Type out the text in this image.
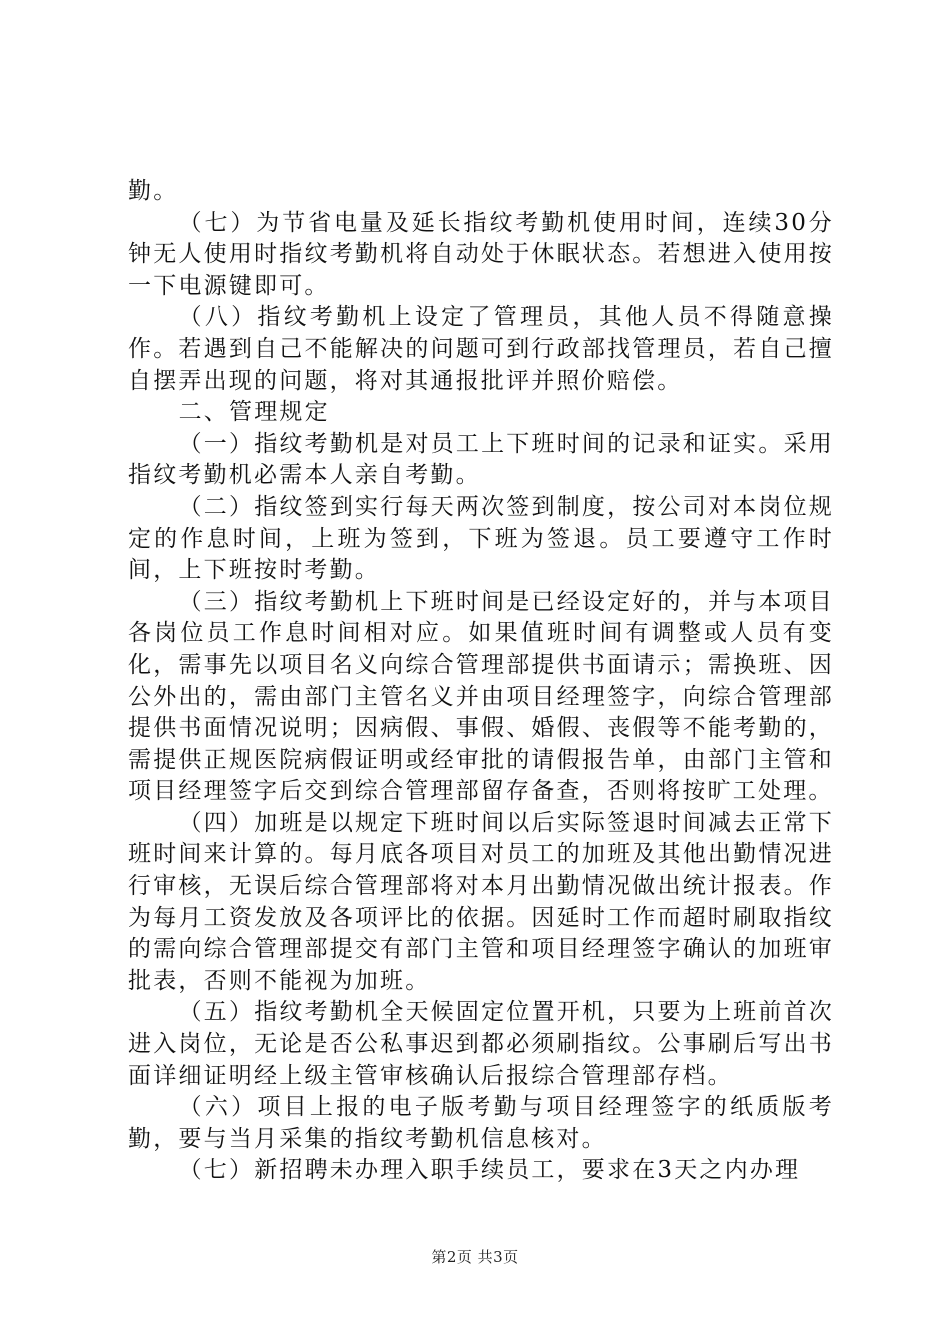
勤。

（七）为节省电量及延长指纹考勤机使用时间，连续30分钟无人使用时指纹考勤机将自动处于休眠状态。若想进入使用按一下电源键即可。

（八）指纹考勤机上设定了管理员，其他人员不得随意操作。若遇到自己不能解决的问题可到行政部找管理员，若自己擅自摆弄出现的问题，将对其通报批评并照价赔偿。

二、管理规定

（一）指纹考勤机是对员工上下班时间的记录和证实。采用指纹考勤机必需本人亲自考勤。

（二）指纹签到实行每天两次签到制度，按公司对本岗位规定的作息时间，上班为签到，下班为签退。员工要遵守工作时间，上下班按时考勤。

（三）指纹考勤机上下班时间是已经设定好的，并与本项目各岗位员工作息时间相对应。如果值班时间有调整或人员有变化，需事先以项目名义向综合管理部提供书面请示；需换班、因公外出的，需由部门主管名义并由项目经理签字，向综合管理部提供书面情况说明；因病假、事假、婚假、丧假等不能考勤的，需提供正规医院病假证明或经审批的请假报告单，由部门主管和项目经理签字后交到综合管理部留存备查，否则将按旷工处理。

（四）加班是以规定下班时间以后实际签退时间减去正常下班时间来计算的。每月底各项目对员工的加班及其他出勤情况进行审核，无误后综合管理部将对本月出勤情况做出统计报表。作为每月工资发放及各项评比的依据。因延时工作而超时刷取指纹的需向综合管理部提交有部门主管和项目经理签字确认的加班审批表，否则不能视为加班。

（五）指纹考勤机全天候固定位置开机，只要为上班前首次进入岗位，无论是否公私事迟到都必须刷指纹。公事刷后写出书面详细证明经上级主管审核确认后报综合管理部存档。

（六）项目上报的电子版考勤与项目经理签字的纸质版考勤，要与当月采集的指纹考勤机信息核对。

（七）新招聘未办理入职手续员工，要求在3天之内办理

第2页 共3页
